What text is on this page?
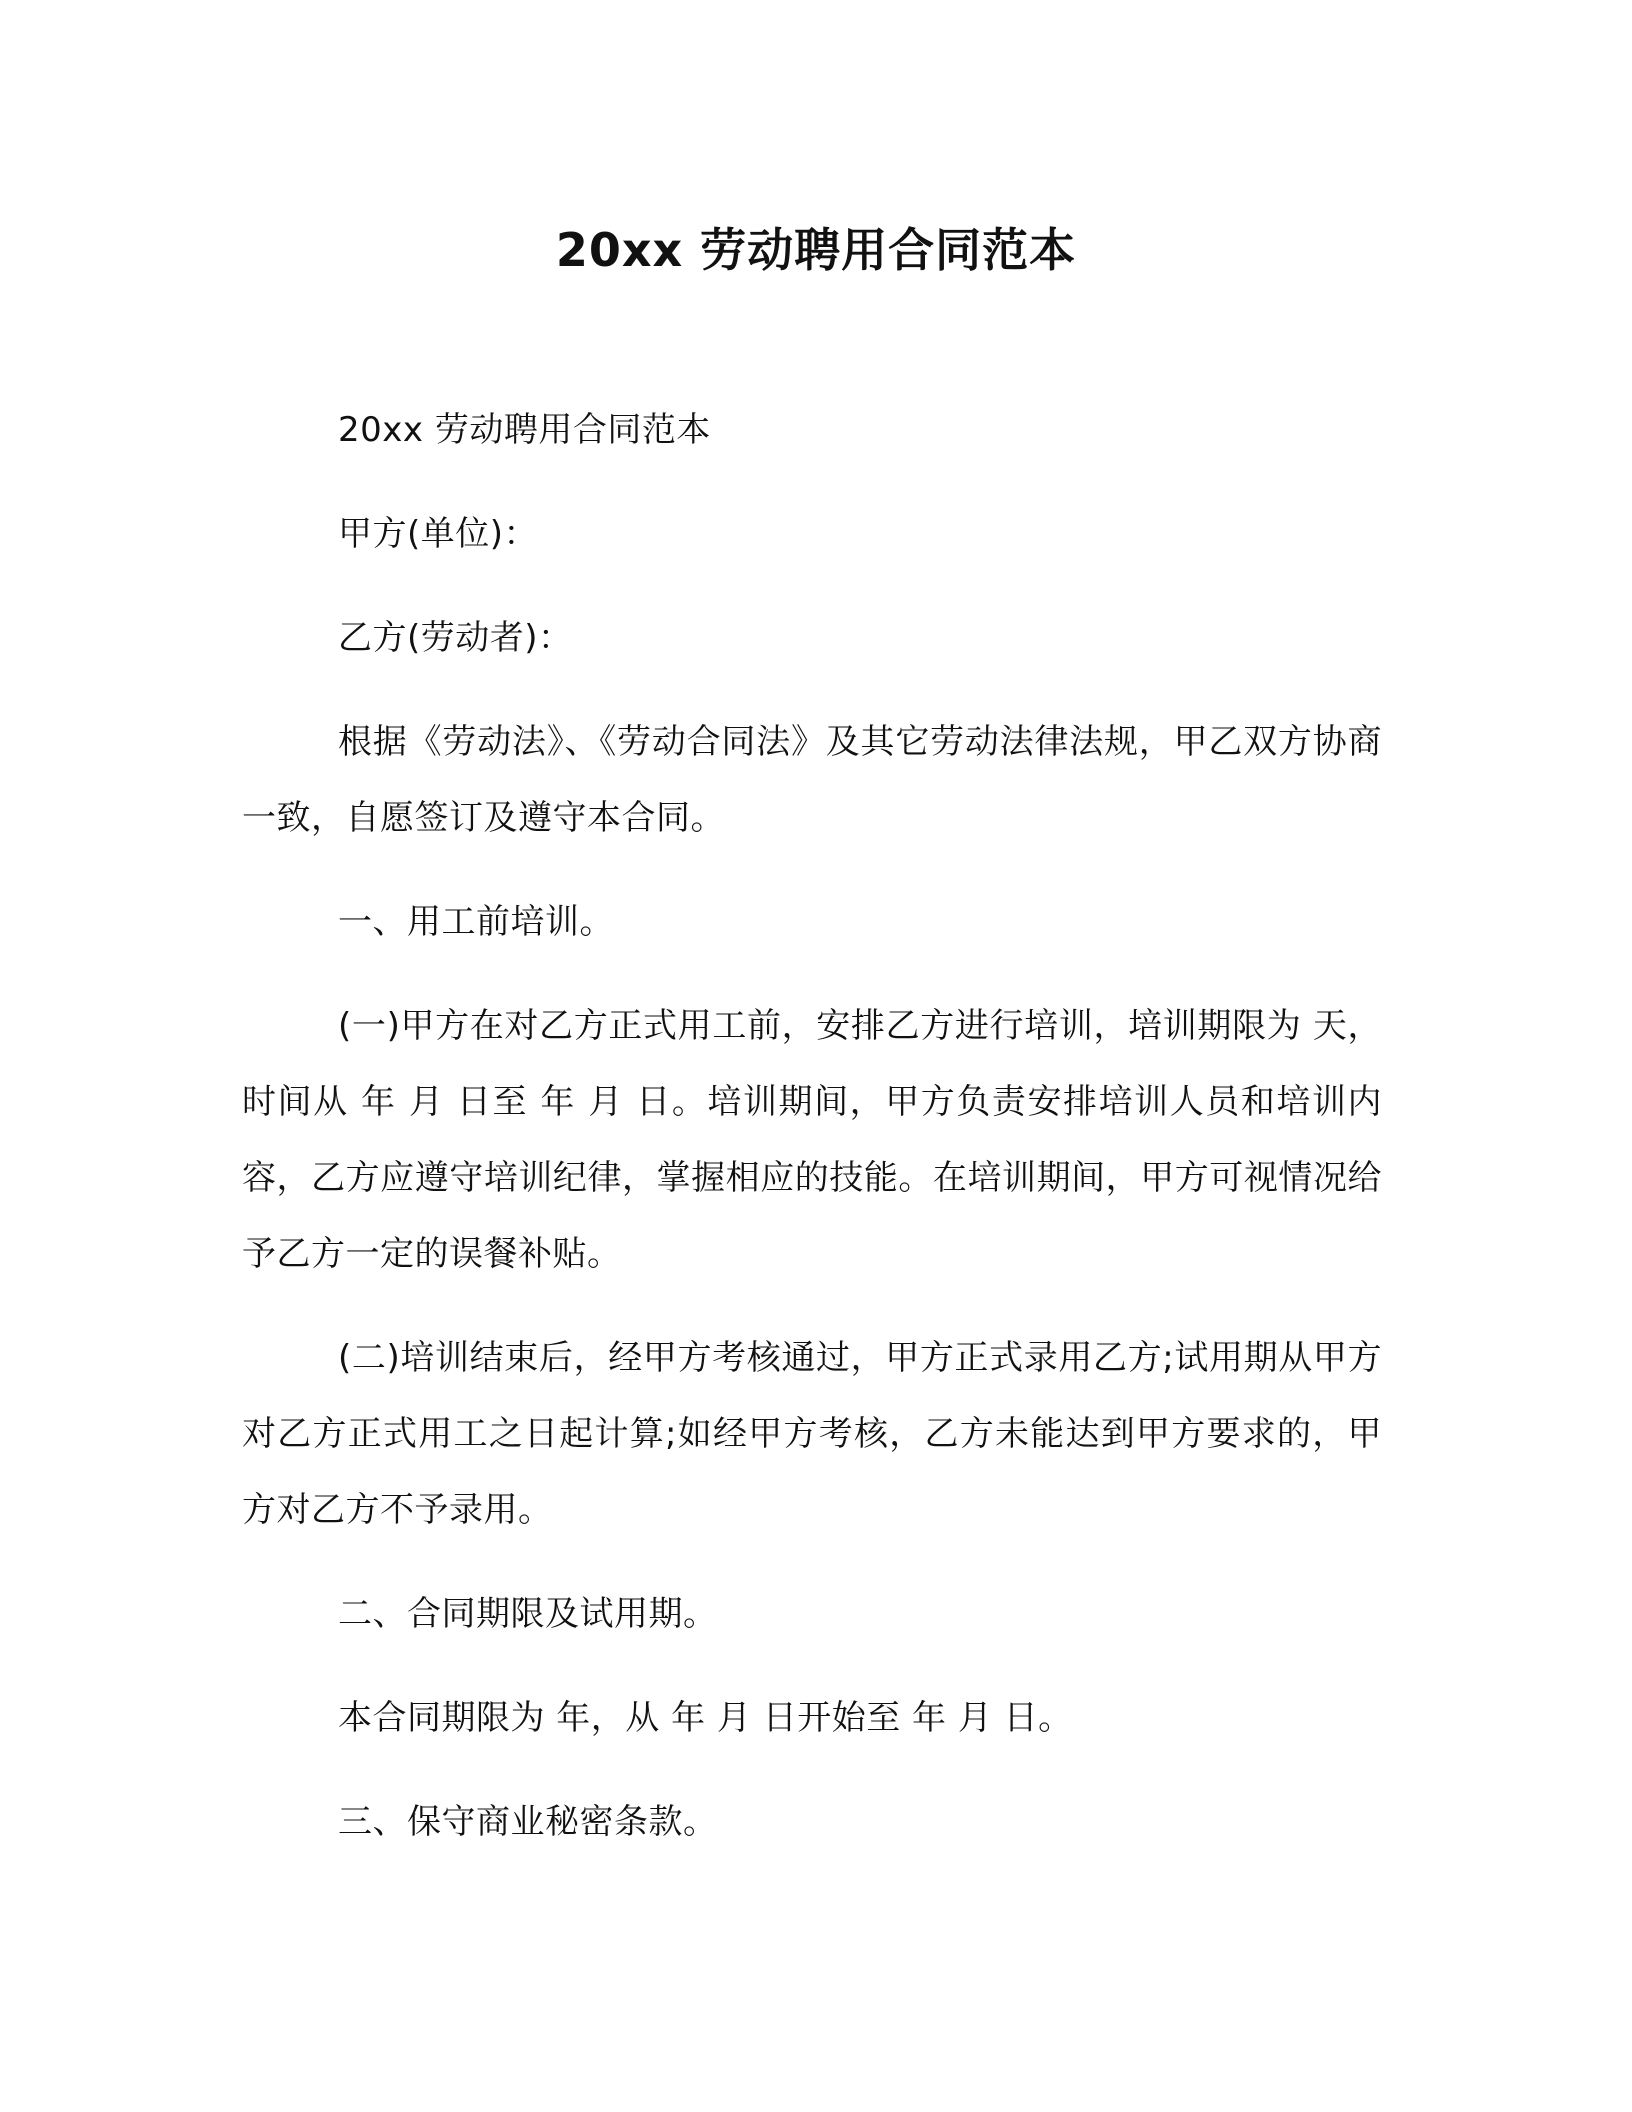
20xx 劳动聘用合同范本

20xx 劳动聘用合同范本

甲方(单位)：

乙方(劳动者)：

根据《劳动法》、《劳动合同法》及其它劳动法律法规，甲乙双方协商一致，自愿签订及遵守本合同。

一、用工前培训。

(一)甲方在对乙方正式用工前，安排乙方进行培训，培训期限为 天，时间从 年 月 日至 年 月 日。培训期间，甲方负责安排培训人员和培训内容，乙方应遵守培训纪律，掌握相应的技能。在培训期间，甲方可视情况给予乙方一定的误餐补贴。

(二)培训结束后，经甲方考核通过，甲方正式录用乙方;试用期从甲方对乙方正式用工之日起计算;如经甲方考核，乙方未能达到甲方要求的，甲方对乙方不予录用。

二、合同期限及试用期。

本合同期限为 年，从 年 月 日开始至 年 月 日。

三、保守商业秘密条款。
